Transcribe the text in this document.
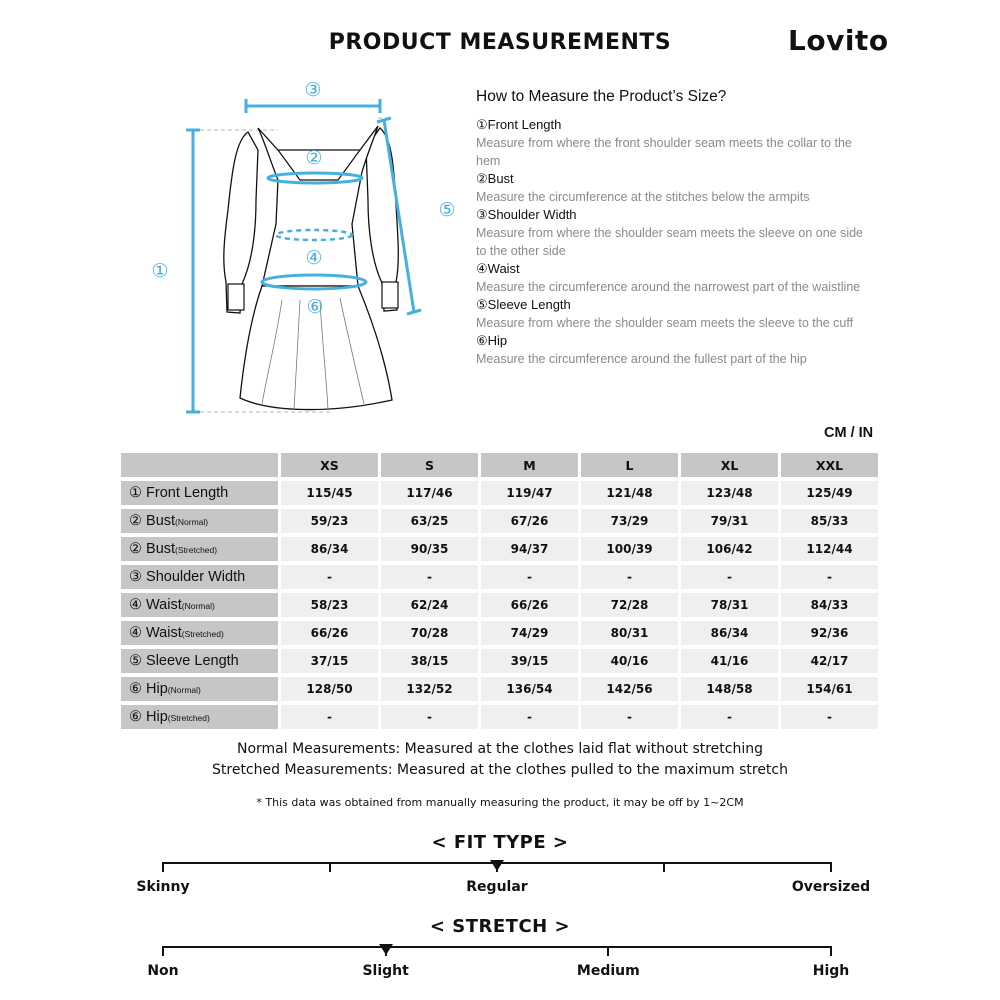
PRODUCT MEASUREMENTS	Lovito
③
②
①
④
⑤
⑥
How to Measure the Product’s Size?
①Front Length
Measure from where the front shoulder seam meets the collar to the hem
②Bust
Measure the circumference at the stitches below the armpits
③Shoulder Width
Measure from where the shoulder seam meets the sleeve on one side to the other side
④Waist
Measure the circumference around the narrowest part of the waistline
⑤Sleeve Length
Measure from where the shoulder seam meets the sleeve to the cuff
⑥Hip
Measure the circumference around the fullest part of the hip
CM / IN
	XS	S	M	L	XL	XXL
① Front Length	115/45	117/46	119/47	121/48	123/48	125/49
② Bust(Normal)	59/23	63/25	67/26	73/29	79/31	85/33
② Bust(Stretched)	86/34	90/35	94/37	100/39	106/42	112/44
③ Shoulder Width	-	-	-	-	-	-
④ Waist(Normal)	58/23	62/24	66/26	72/28	78/31	84/33
④ Waist(Stretched)	66/26	70/28	74/29	80/31	86/34	92/36
⑤ Sleeve Length	37/15	38/15	39/15	40/16	41/16	42/17
⑥ Hip(Normal)	128/50	132/52	136/54	142/56	148/58	154/61
⑥ Hip(Stretched)	-	-	-	-	-	-
Normal Measurements: Measured at the clothes laid flat without stretching
Stretched Measurements: Measured at the clothes pulled to the maximum stretch
* This data was obtained from manually measuring the product, it may be off by 1~2CM
< FIT TYPE >
Skinny	Regular	Oversized
< STRETCH >
Non	Slight	Medium	High
